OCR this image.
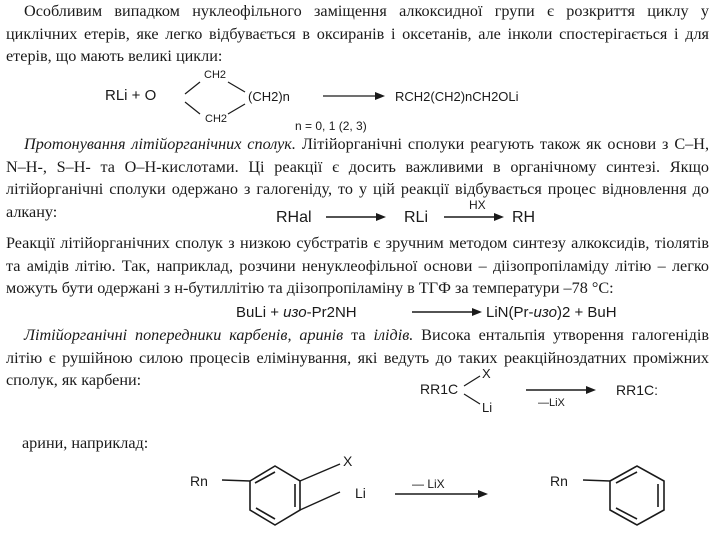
Особливим випадком нуклеофільного заміщення алкоксидної групи є розкриття циклу у циклічних етерів, яке легко відбувається в оксиранів і оксетанів, але інколи спостерігається і для етерів, що мають великі цикли:

RLi + O
CH2
CH2
(CH2)n	RCH2(CH2)nCH2OLi
n = 0, 1 (2, 3)

Протонування літійорганічних сполук. Літійорганічні сполуки реагують також як основи з С–Н, N–Н-, S–Н- та О–Н-кислотами. Ці реакції є досить важливими в органічному синтезі. Якщо літійорганічні сполуки одержано з галогеніду, то у цій реакції відбувається процес відновлення до алкану:	RHal	RLi
HX
RH

Реакції літійорганічних сполук з низкою субстратів є зручним методом синтезу алкоксидів, тіолятів та амідів літію. Так, наприклад, розчини ненуклеофільної основи – діізопропіламіду літію – легко можуть бути одержані з н-бутиллітію та діізопропіламіну в ТГФ за температури –78 °С:

BuLi + изо-Pr2NH	LiN(Pr-изо)2 + BuH

Літійорганічні попередники карбенів, аринів та ілідів. Висока ентальпія утворення галогенідів літію є рушійною силою процесів елімінування, які ведуть до таких реакційноздатних проміжних сполук, як карбени:	RR1C
X
Li	—LiX
RR1C:

арини, наприклад:

Rn
X
Li
— LiX	Rn
